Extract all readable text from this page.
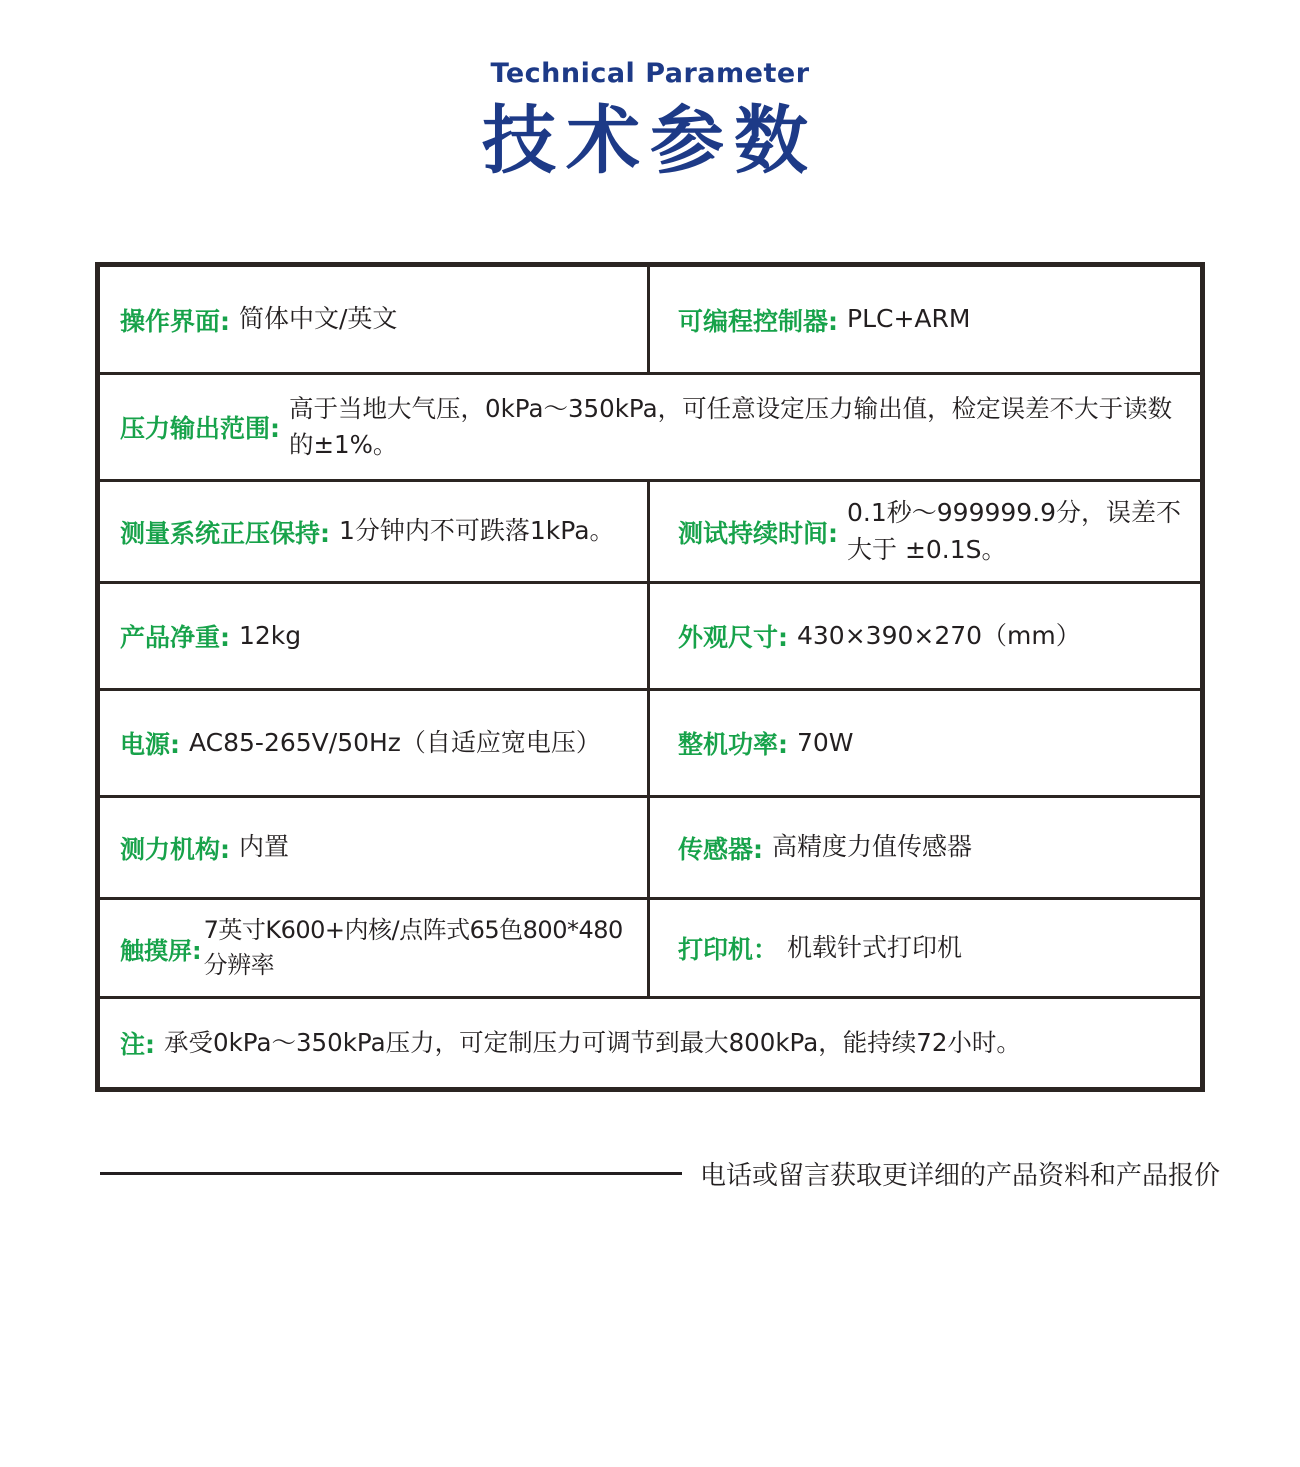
Technical Parameter
技术参数
操作界面: 简体中文/英文	可编程控制器: PLC+ARM
压力输出范围:
高于当地大气压，0kPa～350kPa，可任意设定压力输出值，检定误差不大于读数的±1%。
测量系统正压保持: 1分钟内不可跌落1kPa。	测试持续时间:
0.1秒～999999.9分，误差不大于 ±0.1S。
产品净重: 12kg	外观尺寸: 430×390×270（mm）
电源: AC85-265V/50Hz（自适应宽电压）	整机功率: 70W
测力机构: 内置	传感器: 高精度力值传感器
触摸屏:
7英寸K600+内核/点阵式65色800*480分辨率
打印机： 机载针式打印机
注: 承受0kPa～350kPa压力，可定制压力可调节到最大800kPa，能持续72小时。
电话或留言获取更详细的产品资料和产品报价
